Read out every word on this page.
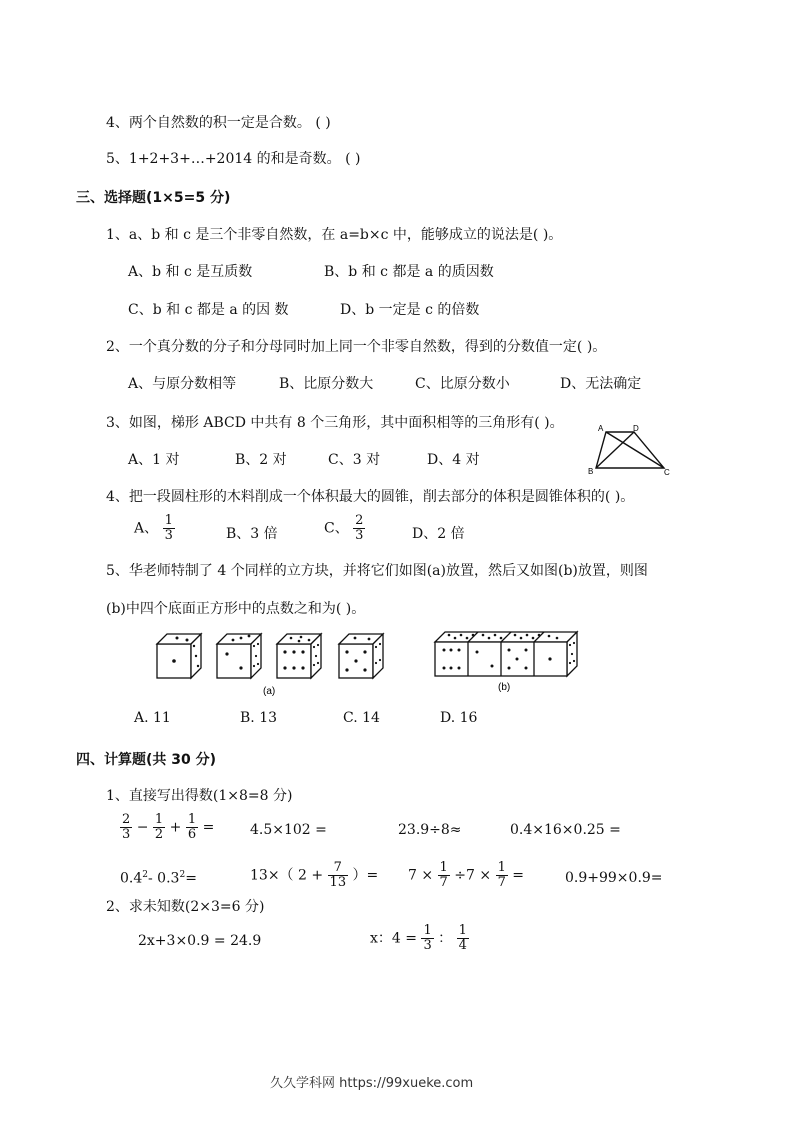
4、两个自然数的积一定是合数。 ( )
5、1+2+3+…+2014 的和是奇数。 ( )
三、选择题(1×5=5 分)
1、a、b 和 c 是三个非零自然数，在 a=b×c 中，能够成立的说法是( )。
A、b 和 c 是互质数	B、b 和 c 都是 a 的质因数
C、b 和 c 都是 a 的因 数	D、b 一定是 c 的倍数
2、一个真分数的分子和分母同时加上同一个非零自然数，得到的分数值一定( )。
A、与原分数相等	B、比原分数大	C、比原分数小	D、无法确定
3、如图，梯形 ABCD 中共有 8 个三角形，其中面积相等的三角形有( )。
A、1 对	B、2 对	C、3 对	D、4 对
A	D
B	C
4、把一段圆柱形的木料削成一个体积最大的圆锥，削去部分的体积是圆锥体积的( )。
A、 $\frac{1}{3}$	B、3 倍	C、 $\frac{2}{3}$	D、2 倍
5、华老师特制了 4 个同样的立方块，并将它们如图(a)放置，然后又如图(b)放置，则图
(b)中四个底面正方形中的点数之和为( )。
(a)	(b)
A. 11	B. 13	C. 14	D. 16
四、计算题(共 30 分)
1、直接写出得数(1×8=8 分)
$\frac{2}{3} - \frac{1}{2} + \frac{1}{6}$ =	4.5×102 =	23.9÷8≈	0.4×16×0.25 =
$0.4^2-$ $0.3^2=$	13×（ $2 + \frac{7}{13}$ ）= $7 \times \frac{1}{7} \div 7 \times \frac{1}{7}$ =	0.9+99×0.9=
2、求未知数(2×3=6 分)
2x+3×0.9 = 24.9	x：$4 = \frac{1}{3}$ ： $\frac{1}{4}$
久久学科网 https://99xueke.com
